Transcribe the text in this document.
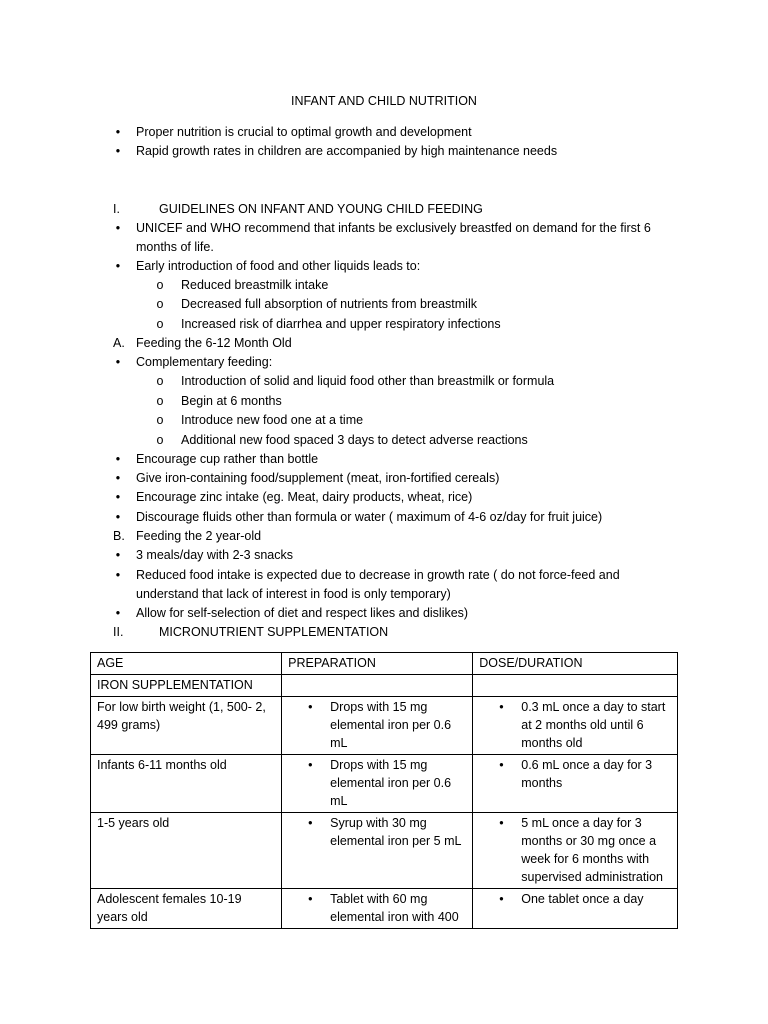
INFANT AND CHILD NUTRITION
• Proper nutrition is crucial to optimal growth and development
• Rapid growth rates in children are accompanied by high maintenance needs
I.	GUIDELINES ON INFANT AND YOUNG CHILD FEEDING
• UNICEF and WHO recommend that infants be exclusively breastfed on demand for the first 6
months of life.
• Early introduction of food and other liquids leads to:
o Reduced breastmilk intake
o Decreased full absorption of nutrients from breastmilk
o Increased risk of diarrhea and upper respiratory infections
A. Feeding the 6-12 Month Old
• Complementary feeding:
o Introduction of solid and liquid food other than breastmilk or formula
o Begin at 6 months
o Introduce new food one at a time
o Additional new food spaced 3 days to detect adverse reactions
• Encourage cup rather than bottle
• Give iron-containing food/supplement (meat, iron-fortified cereals)
• Encourage zinc intake (eg. Meat, dairy products, wheat, rice)
• Discourage fluids other than formula or water ( maximum of 4-6 oz/day for fruit juice)
B. Feeding the 2 year-old
• 3 meals/day with 2-3 snacks
• Reduced food intake is expected due to decrease in growth rate ( do not force-feed and
understand that lack of interest in food is only temporary)
• Allow for self-selection of diet and respect likes and dislikes)
II.	MICRONUTRIENT SUPPLEMENTATION
AGE	PREPARATION	DOSE/DURATION
IRON SUPPLEMENTATION		
For low birth weight (1, 500- 2, 499 grams)	• Drops with 15 mg elemental iron per 0.6 mL	• 0.3 mL once a day to start at 2 months old until 6 months old

Infants 6-11 months old	• Drops with 15 mg elemental iron per 0.6 mL	• 0.6 mL once a day for 3 months

1-5 years old	• Syrup with 30 mg elemental iron per 5 mL	• 5 mL once a day for 3 months or 30 mg once a week for 6 months with supervised administration

Adolescent females 10-19 years old	• Tablet with 60 mg elemental iron with 400	• One tablet once a day
